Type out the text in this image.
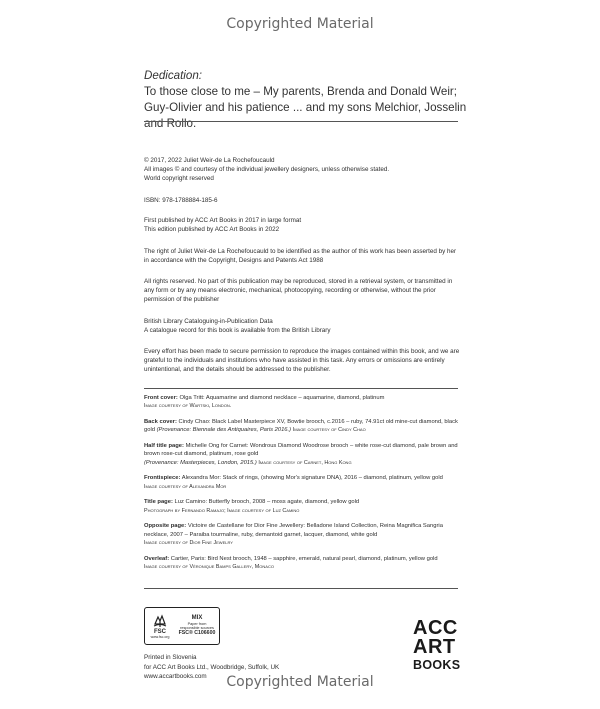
Copyrighted Material
Dedication:
To those close to me – My parents, Brenda and Donald Weir;
Guy-Olivier and his patience ... and my sons Melchior, Josselin and Rollo.

© 2017, 2022 Juliet Weir-de La Rochefoucauld

All images © and courtesy of the individual jewellery designers, unless otherwise stated.

World copyright reserved

ISBN: 978-1788884-185-6

First published by ACC Art Books in 2017 in large format

This edition published by ACC Art Books in 2022

The right of Juliet Weir-de La Rochefoucauld to be identified as the author of this work has been asserted by her in accordance with the Copyright, Designs and Patents Act 1988

All rights reserved. No part of this publication may be reproduced, stored in a retrieval system, or transmitted in any form or by any means electronic, mechanical, photocopying, recording or otherwise, without the prior permission of the publisher

British Library Cataloguing-in-Publication Data

A catalogue record for this book is available from the British Library

Every effort has been made to secure permission to reproduce the images contained within this book, and we are grateful to the individuals and institutions who have assisted in this task. Any errors or omissions are entirely unintentional, and the details should be addressed to the publisher.

Front cover: Olga Tritt: Aquamarine and diamond necklace – aquamarine, diamond, platinum
Image courtesy of Wartski, London.

Back cover: Cindy Chao: Black Label Masterpiece XV, Bowtie brooch, c.2016 – ruby, 74.91ct old mine-cut diamond, black gold (Provenance: Biennale des Antiquaires, Paris 2016.) Image courtesy of Cindy Chao

Half title page: Michelle Ong for Carnet: Wondrous Diamond Woodrose brooch – white rose-cut diamond, pale brown and brown rose-cut diamond, platinum, rose gold
(Provenance: Masterpieces, London, 2015.) Image courtesy of Carnet, Hong Kong

Frontispiece: Alexandra Mor: Stack of rings, (showing Mor's signature DNA), 2016 – diamond, platinum, yellow gold
Image courtesy of Alexandra Mor

Title page: Luz Camino: Butterfly brooch, 2008 – moss agate, diamond, yellow gold
Photograph by Fernando Ramajo; Image courtesy of Luz Camino

Opposite page: Victoire de Castellane for Dior Fine Jewellery: Belladone Island Collection, Reina Magnifica Sangria necklace, 2007 – Paraiba tourmaline, ruby, demantoid garnet, lacquer, diamond, white gold
Image courtesy of Dior Fine Jewelry

Overleaf: Cartier, Paris: Bird Nest brooch, 1948 – sapphire, emerald, natural pearl, diamond, platinum, yellow gold
Image courtesy of Véronique Bamps Gallery, Monaco

FSC
www.fsc.org
MIX
Paper from
responsible sources
FSC® C106600

Printed in Slovenia

for ACC Art Books Ltd., Woodbridge, Suffolk, UK

www.accartbooks.com

ACC
ART
BOOKS
Copyrighted Material
